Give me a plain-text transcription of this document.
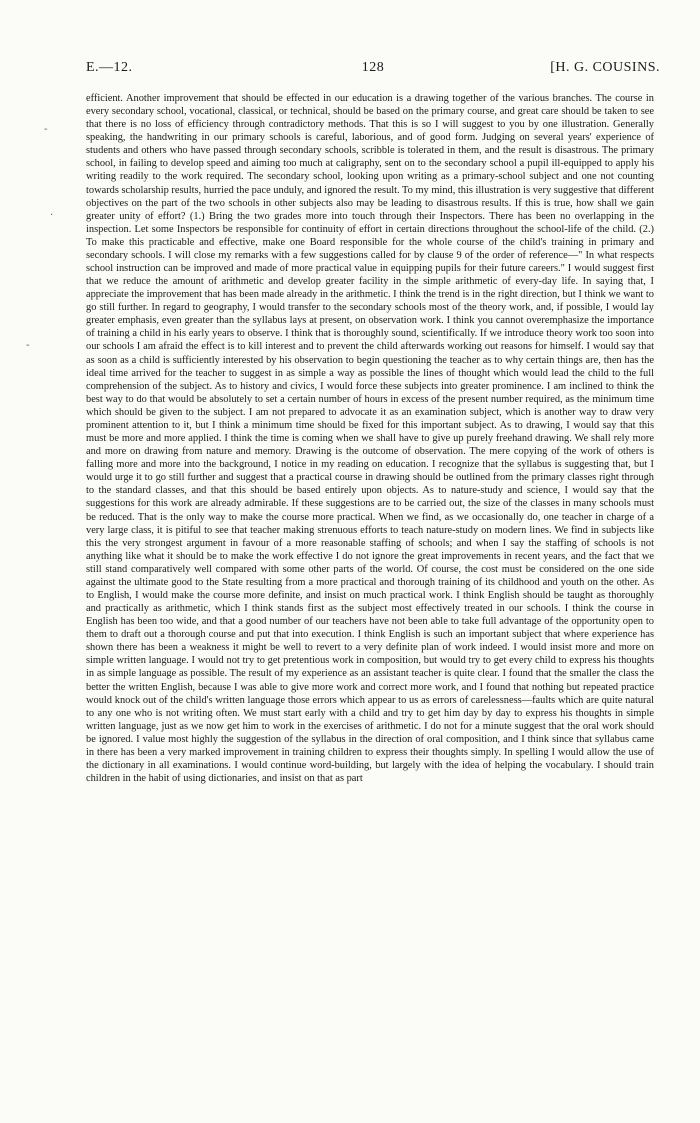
E.—12.	128	[H. G. COUSINS.
-
·
-

efficient. Another improvement that should be effected in our education is a drawing together of the various branches. The course in every secondary school, vocational, classical, or technical, should be based on the primary course, and great care should be taken to see that there is no loss of efficiency through contradictory methods. That this is so I will suggest to you by one illustration. Generally speaking, the handwriting in our primary schools is careful, laborious, and of good form. Judging on several years' experience of students and others who have passed through secondary schools, scribble is tolerated in them, and the result is disastrous. The primary school, in failing to develop speed and aiming too much at caligraphy, sent on to the secondary school a pupil ill-equipped to apply his writing readily to the work required. The secondary school, looking upon writing as a primary-school subject and one not counting towards scholarship results, hurried the pace unduly, and ignored the result. To my mind, this illustration is very suggestive that different objectives on the part of the two schools in other subjects also may be leading to disastrous results. If this is true, how shall we gain greater unity of effort? (1.) Bring the two grades more into touch through their Inspectors. There has been no overlapping in the inspection. Let some Inspectors be responsible for continuity of effort in certain directions throughout the school-life of the child. (2.) To make this practicable and effective, make one Board responsible for the whole course of the child's training in primary and secondary schools. I will close my remarks with a few suggestions called for by clause 9 of the order of reference—" In what respects school instruction can be improved and made of more practical value in equipping pupils for their future careers." I would suggest first that we reduce the amount of arithmetic and develop greater facility in the simple arithmetic of every-day life. In saying that, I appreciate the improvement that has been made already in the arithmetic. I think the trend is in the right direction, but I think we want to go still further. In regard to geography, I would transfer to the secondary schools most of the theory work, and, if possible, I would lay greater emphasis, even greater than the syllabus lays at present, on observation work. I think you cannot overemphasize the importance of training a child in his early years to observe. I think that is thoroughly sound, scientifically. If we introduce theory work too soon into our schools I am afraid the effect is to kill interest and to prevent the child afterwards working out reasons for himself. I would say that as soon as a child is sufficiently interested by his observation to begin questioning the teacher as to why certain things are, then has the ideal time arrived for the teacher to suggest in as simple a way as possible the lines of thought which would lead the child to the full comprehension of the subject. As to history and civics, I would force these subjects into greater prominence. I am inclined to think the best way to do that would be absolutely to set a certain number of hours in excess of the present number required, as the minimum time which should be given to the subject. I am not prepared to advocate it as an examination subject, which is another way to draw very prominent attention to it, but I think a minimum time should be fixed for this important subject. As to drawing, I would say that this must be more and more applied. I think the time is coming when we shall have to give up purely freehand drawing. We shall rely more and more on drawing from nature and memory. Drawing is the outcome of observation. The mere copying of the work of others is falling more and more into the background, I notice in my reading on education. I recognize that the syllabus is suggesting that, but I would urge it to go still further and suggest that a practical course in drawing should be outlined from the primary classes right through to the standard classes, and that this should be based entirely upon objects. As to nature-study and science, I would say that the suggestions for this work are already admirable. If these suggestions are to be carried out, the size of the classes in many schools must be reduced. That is the only way to make the course more practical. When we find, as we occasionally do, one teacher in charge of a very large class, it is pitiful to see that teacher making strenuous efforts to teach nature-study on modern lines. We find in subjects like this the very strongest argument in favour of a more reasonable staffing of schools; and when I say the staffing of schools is not anything like what it should be to make the work effective I do not ignore the great improvements in recent years, and the fact that we still stand comparatively well compared with some other parts of the world. Of course, the cost must be considered on the one side against the ultimate good to the State resulting from a more practical and thorough training of its childhood and youth on the other. As to English, I would make the course more definite, and insist on much practical work. I think English should be taught as thoroughly and practically as arithmetic, which I think stands first as the subject most effectively treated in our schools. I think the course in English has been too wide, and that a good number of our teachers have not been able to take full advantage of the opportunity open to them to draft out a thorough course and put that into execution. I think English is such an important subject that where experience has shown there has been a weakness it might be well to revert to a very definite plan of work indeed. I would insist more and more on simple written language. I would not try to get pretentious work in composition, but would try to get every child to express his thoughts in as simple language as possible. The result of my experience as an assistant teacher is quite clear. I found that the smaller the class the better the written English, because I was able to give more work and correct more work, and I found that nothing but repeated practice would knock out of the child's written language those errors which appear to us as errors of carelessness—faults which are quite natural to any one who is not writing often. We must start early with a child and try to get him day by day to express his thoughts in simple written language, just as we now get him to work in the exercises of arithmetic. I do not for a minute suggest that the oral work should be ignored. I value most highly the suggestion of the syllabus in the direction of oral composition, and I think since that syllabus came in there has been a very marked improvement in training children to express their thoughts simply. In spelling I would allow the use of the dictionary in all examinations. I would continue word-building, but largely with the idea of helping the vocabulary. I should train children in the habit of using dictionaries, and insist on that as part
